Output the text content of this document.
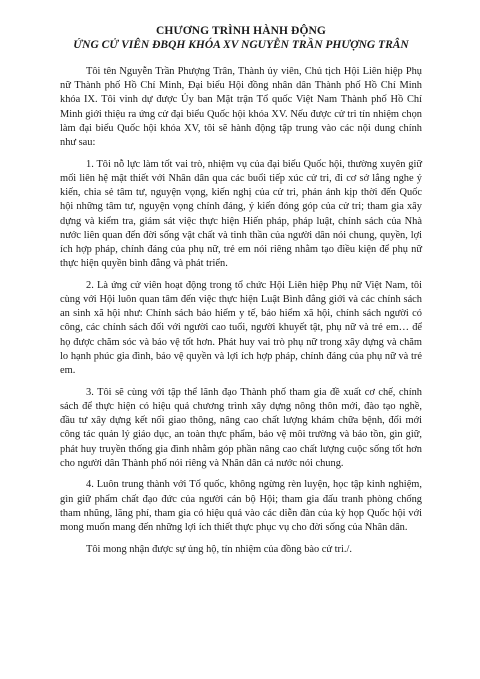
CHƯƠNG TRÌNH HÀNH ĐỘNG
ỨNG CỬ VIÊN ĐBQH KHÓA XV NGUYỄN TRẦN PHƯỢNG TRÂN

Tôi tên Nguyễn Trần Phượng Trân, Thành ủy viên, Chủ tịch Hội Liên hiệp Phụ nữ Thành phố Hồ Chí Minh, Đại biểu Hội đồng nhân dân Thành phố Hồ Chí Minh khóa IX. Tôi vinh dự được Ủy ban Mặt trận Tổ quốc Việt Nam Thành phố Hồ Chí Minh giới thiệu ra ứng cử đại biểu Quốc hội khóa XV. Nếu được cử tri tín nhiệm chọn làm đại biểu Quốc hội khóa XV, tôi sẽ hành động tập trung vào các nội dung chính như sau:

1. Tôi nỗ lực làm tốt vai trò, nhiệm vụ của đại biểu Quốc hội, thường xuyên giữ mối liên hệ mật thiết với Nhân dân qua các buổi tiếp xúc cử tri, đi cơ sở lắng nghe ý kiến, chia sẻ tâm tư, nguyện vọng, kiến nghị của cử tri, phản ánh kịp thời đến Quốc hội những tâm tư, nguyện vọng chính đáng, ý kiến đóng góp của cử tri; tham gia xây dựng và kiểm tra, giám sát việc thực hiện Hiến pháp, pháp luật, chính sách của Nhà nước liên quan đến đời sống vật chất và tinh thần của người dân nói chung, quyền, lợi ích hợp pháp, chính đáng của phụ nữ, trẻ em nói riêng nhằm tạo điều kiện để phụ nữ thực hiện quyền bình đẳng và phát triển.

2. Là ứng cử viên hoạt động trong tổ chức Hội Liên hiệp Phụ nữ Việt Nam, tôi cùng với Hội luôn quan tâm đến việc thực hiện Luật Bình đẳng giới và các chính sách an sinh xã hội như: Chính sách bảo hiểm y tế, bảo hiểm xã hội, chính sách người có công, các chính sách đối với người cao tuổi, người khuyết tật, phụ nữ và trẻ em… để họ được chăm sóc và bảo vệ tốt hơn. Phát huy vai trò phụ nữ trong xây dựng và chăm lo hạnh phúc gia đình, bảo vệ quyền và lợi ích hợp pháp, chính đáng của phụ nữ và trẻ em.

3. Tôi sẽ cùng với tập thể lãnh đạo Thành phố tham gia đề xuất cơ chế, chính sách để thực hiện có hiệu quả chương trình xây dựng nông thôn mới, đào tạo nghề, đầu tư xây dựng kết nối giao thông, nâng cao chất lượng khám chữa bệnh, đổi mới công tác quản lý giáo dục, an toàn thực phẩm, bảo vệ môi trường và bảo tồn, gìn giữ, phát huy truyền thống gia đình nhằm góp phần nâng cao chất lượng cuộc sống tốt hơn cho người dân Thành phố nói riêng và Nhân dân cả nước nói chung.

4. Luôn trung thành với Tổ quốc, không ngừng rèn luyện, học tập kinh nghiệm, gìn giữ phẩm chất đạo đức của người cán bộ Hội; tham gia đấu tranh phòng chống tham nhũng, lãng phí, tham gia có hiệu quả vào các diễn đàn của kỳ họp Quốc hội với mong muốn mang đến những lợi ích thiết thực phục vụ cho đời sống của Nhân dân.

Tôi mong nhận được sự ủng hộ, tín nhiệm của đồng bào cử tri./.
